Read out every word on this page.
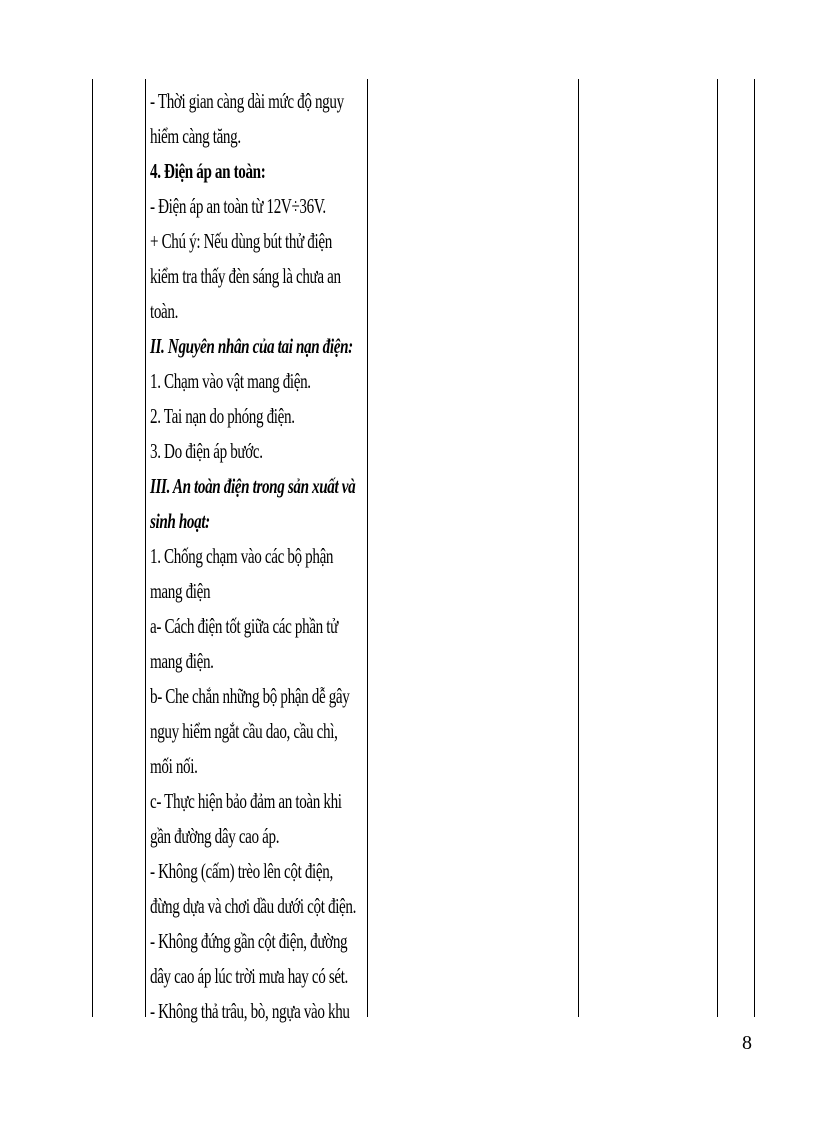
- Thời gian càng dài mức độ nguy
hiểm càng tăng.
4. Điện áp an toàn:
- Điện áp an toàn từ 12V÷36V.
+ Chú ý: Nếu dùng bút thử điện
kiểm tra thấy đèn sáng là chưa an
toàn.
II. Nguyên nhân của tai nạn điện:
1. Chạm vào vật mang điện.
2. Tai nạn do phóng điện.
3. Do điện áp bước.
III. An toàn điện trong sản xuất và
sinh hoạt:
1. Chống chạm vào các bộ phận
mang điện
a- Cách điện tốt giữa các phần tử
mang điện.
b- Che chắn những bộ phận dễ gây
nguy hiểm ngắt cầu dao, cầu chì,
mối nối.
c- Thực hiện bảo đảm an toàn khi
gần đường dây cao áp.
- Không (cấm) trèo lên cột điện,
đừng dựa và chơi dầu dưới cột điện.
- Không đứng gần cột điện, đường
dây cao áp lúc trời mưa hay có sét.
- Không thả trâu, bò, ngựa vào khu
8
